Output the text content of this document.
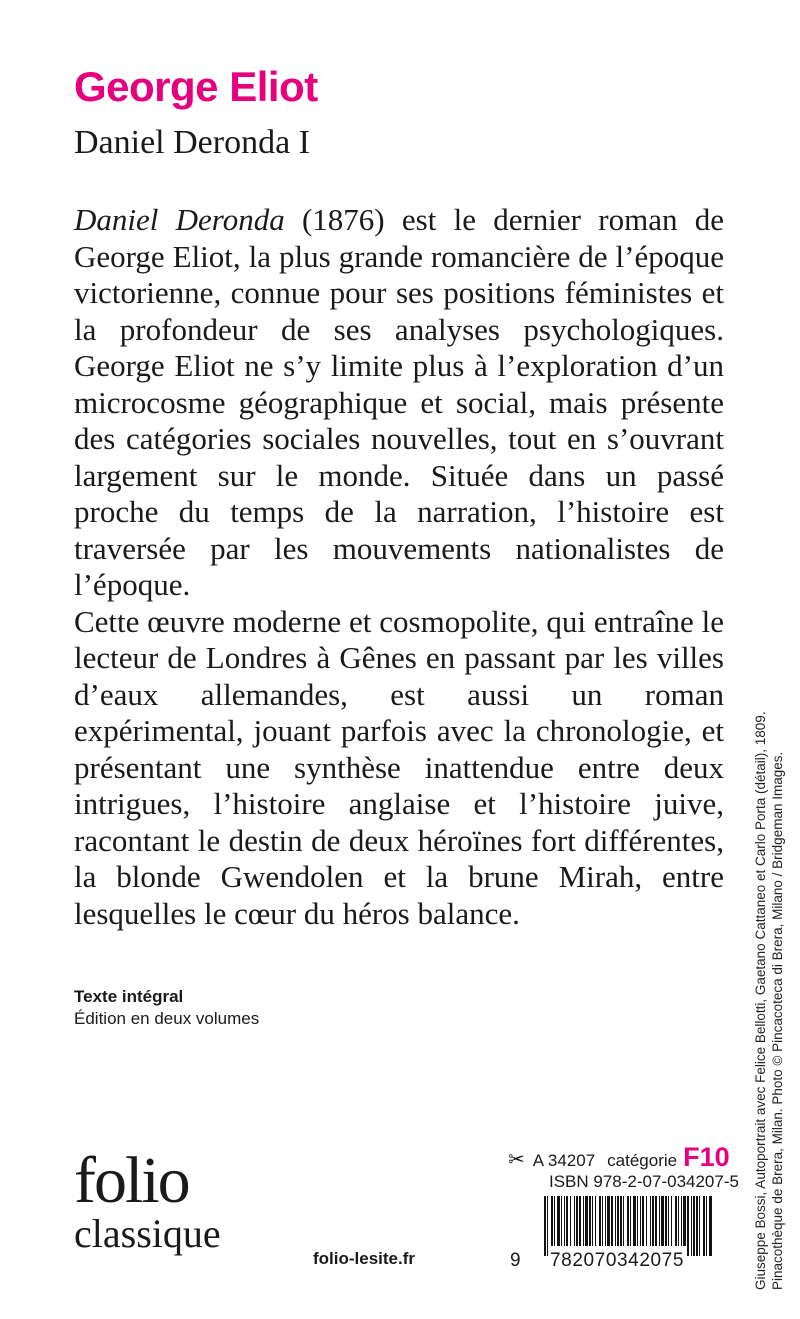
George Eliot
Daniel Deronda I

Daniel Deronda (1876) est le dernier roman de George Eliot, la plus grande romancière de l’époque victorienne, connue pour ses positions féministes et la profondeur de ses analyses psychologiques. George Eliot ne s’y limite plus à l’exploration d’un microcosme géographique et social, mais présente des catégories sociales nouvelles, tout en s’ouvrant largement sur le monde. Située dans un passé proche du temps de la narration, l’histoire est traversée par les mouvements nationalistes de l’époque.

Cette œuvre moderne et cosmopolite, qui entraîne le lecteur de Londres à Gênes en passant par les villes d’eaux allemandes, est aussi un roman expérimental, jouant parfois avec la chronologie, et présentant une synthèse inattendue entre deux intrigues, l’histoire anglaise et l’histoire juive, racontant le destin de deux héroïnes fort différentes, la blonde Gwendolen et la brune Mirah, entre lesquelles le cœur du héros balance.

Texte intégral
Édition en deux volumes	Giuseppe Bossi, Autoportrait avec Felice Bellotti, Gaetano Cattaneo et Carlo Porta (détail), 1809. Pinacothèque de Brera, Milan. Photo © Pincacoteca di Brera, Milano / Bridgeman Images.
folio
classique
folio-lesite.fr
✂ A 34207 catégorie F10
ISBN 978-2-07-034207-5
9 782070342075
